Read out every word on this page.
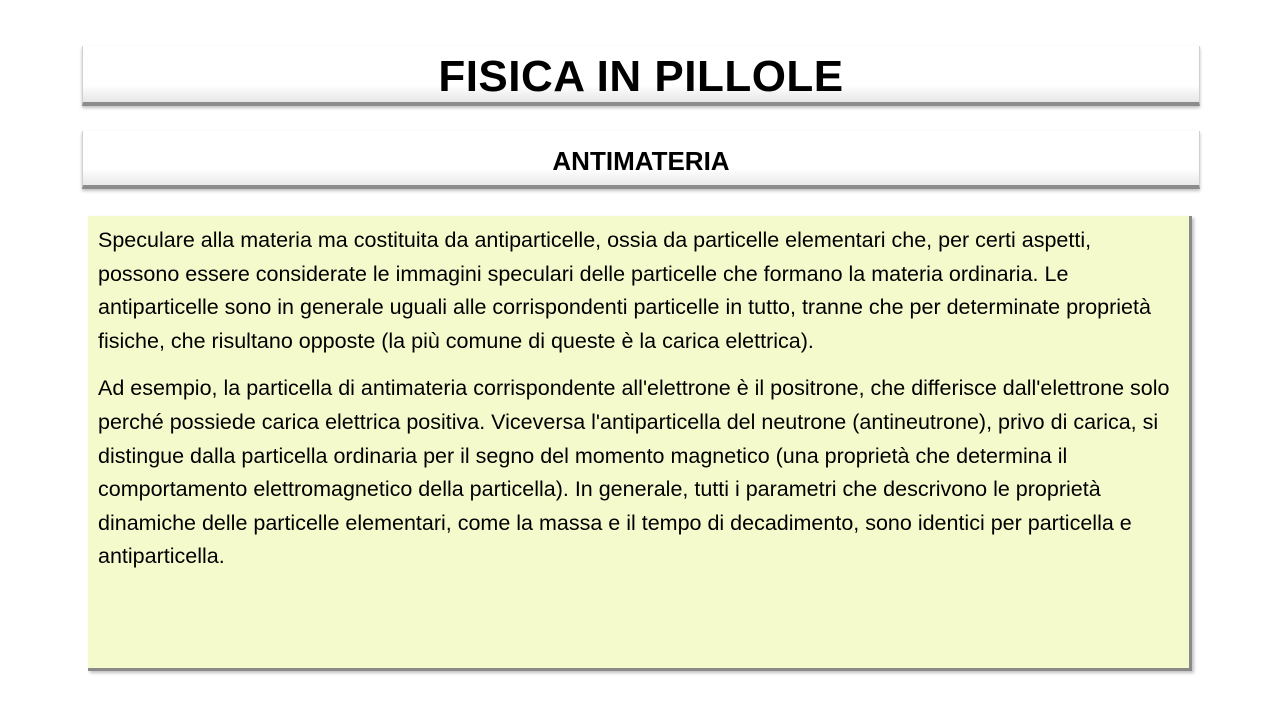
FISICA IN PILLOLE
ANTIMATERIA

Speculare alla materia ma costituita da antiparticelle, ossia da particelle elementari che, per certi aspetti, possono essere considerate le immagini speculari delle particelle che formano la materia ordinaria. Le antiparticelle sono in generale uguali alle corrispondenti particelle in tutto, tranne che per determinate proprietà fisiche, che risultano opposte (la più comune di queste è la carica elettrica).

Ad esempio, la particella di antimateria corrispondente all'elettrone è il positrone, che differisce dall'elettrone solo perché possiede carica elettrica positiva. Viceversa l'antiparticella del neutrone (antineutrone), privo di carica, si distingue dalla particella ordinaria per il segno del momento magnetico (una proprietà che determina il comportamento elettromagnetico della particella). In generale, tutti i parametri che descrivono le proprietà dinamiche delle particelle elementari, come la massa e il tempo di decadimento, sono identici per particella e antiparticella.
